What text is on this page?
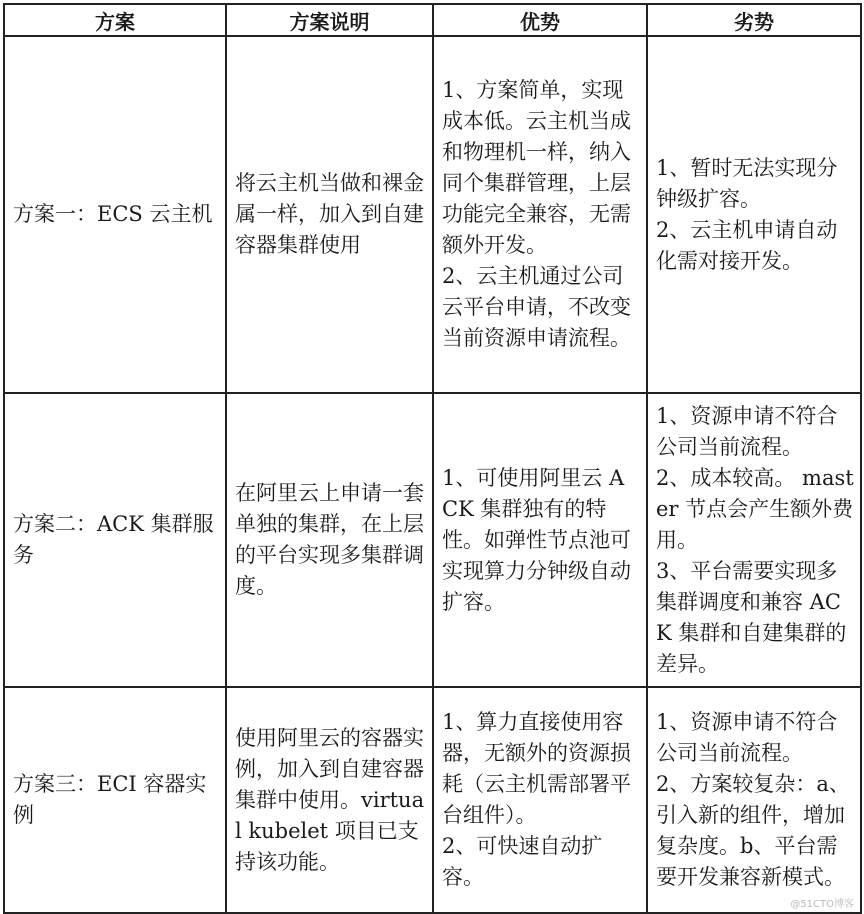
方案	方案说明	优势	劣势
方案一：ECS 云主机	将云主机当做和裸金属一样，加入到自建容器集群使用	1、方案简单，实现成本低。云主机当成和物理机一样，纳入同个集群管理，上层功能完全兼容，无需额外开发。
2、云主机通过公司云平台申请，不改变当前资源申请流程。	1、暂时无法实现分钟级扩容。
2、云主机申请自动化需对接开发。

方案二：ACK 集群服务	在阿里云上申请一套单独的集群，在上层的平台实现多集群调度。	1、可使用阿里云 ACK 集群独有的特性。如弹性节点池可实现算力分钟级自动扩容。	1、资源申请不符合公司当前流程。
2、成本较高。 master 节点会产生额外费用。
3、平台需要实现多集群调度和兼容 ACK 集群和自建集群的差异。

方案三：ECI 容器实例	使用阿里云的容器实例，加入到自建容器集群中使用。virtual kubelet 项目已支持该功能。	1、算力直接使用容器，无额外的资源损耗（云主机需部署平台组件）。
2、可快速自动扩容。	1、资源申请不符合公司当前流程。
2、方案较复杂：a、引入新的组件，增加复杂度。b、平台需要开发兼容新模式。
@51CTO博客
